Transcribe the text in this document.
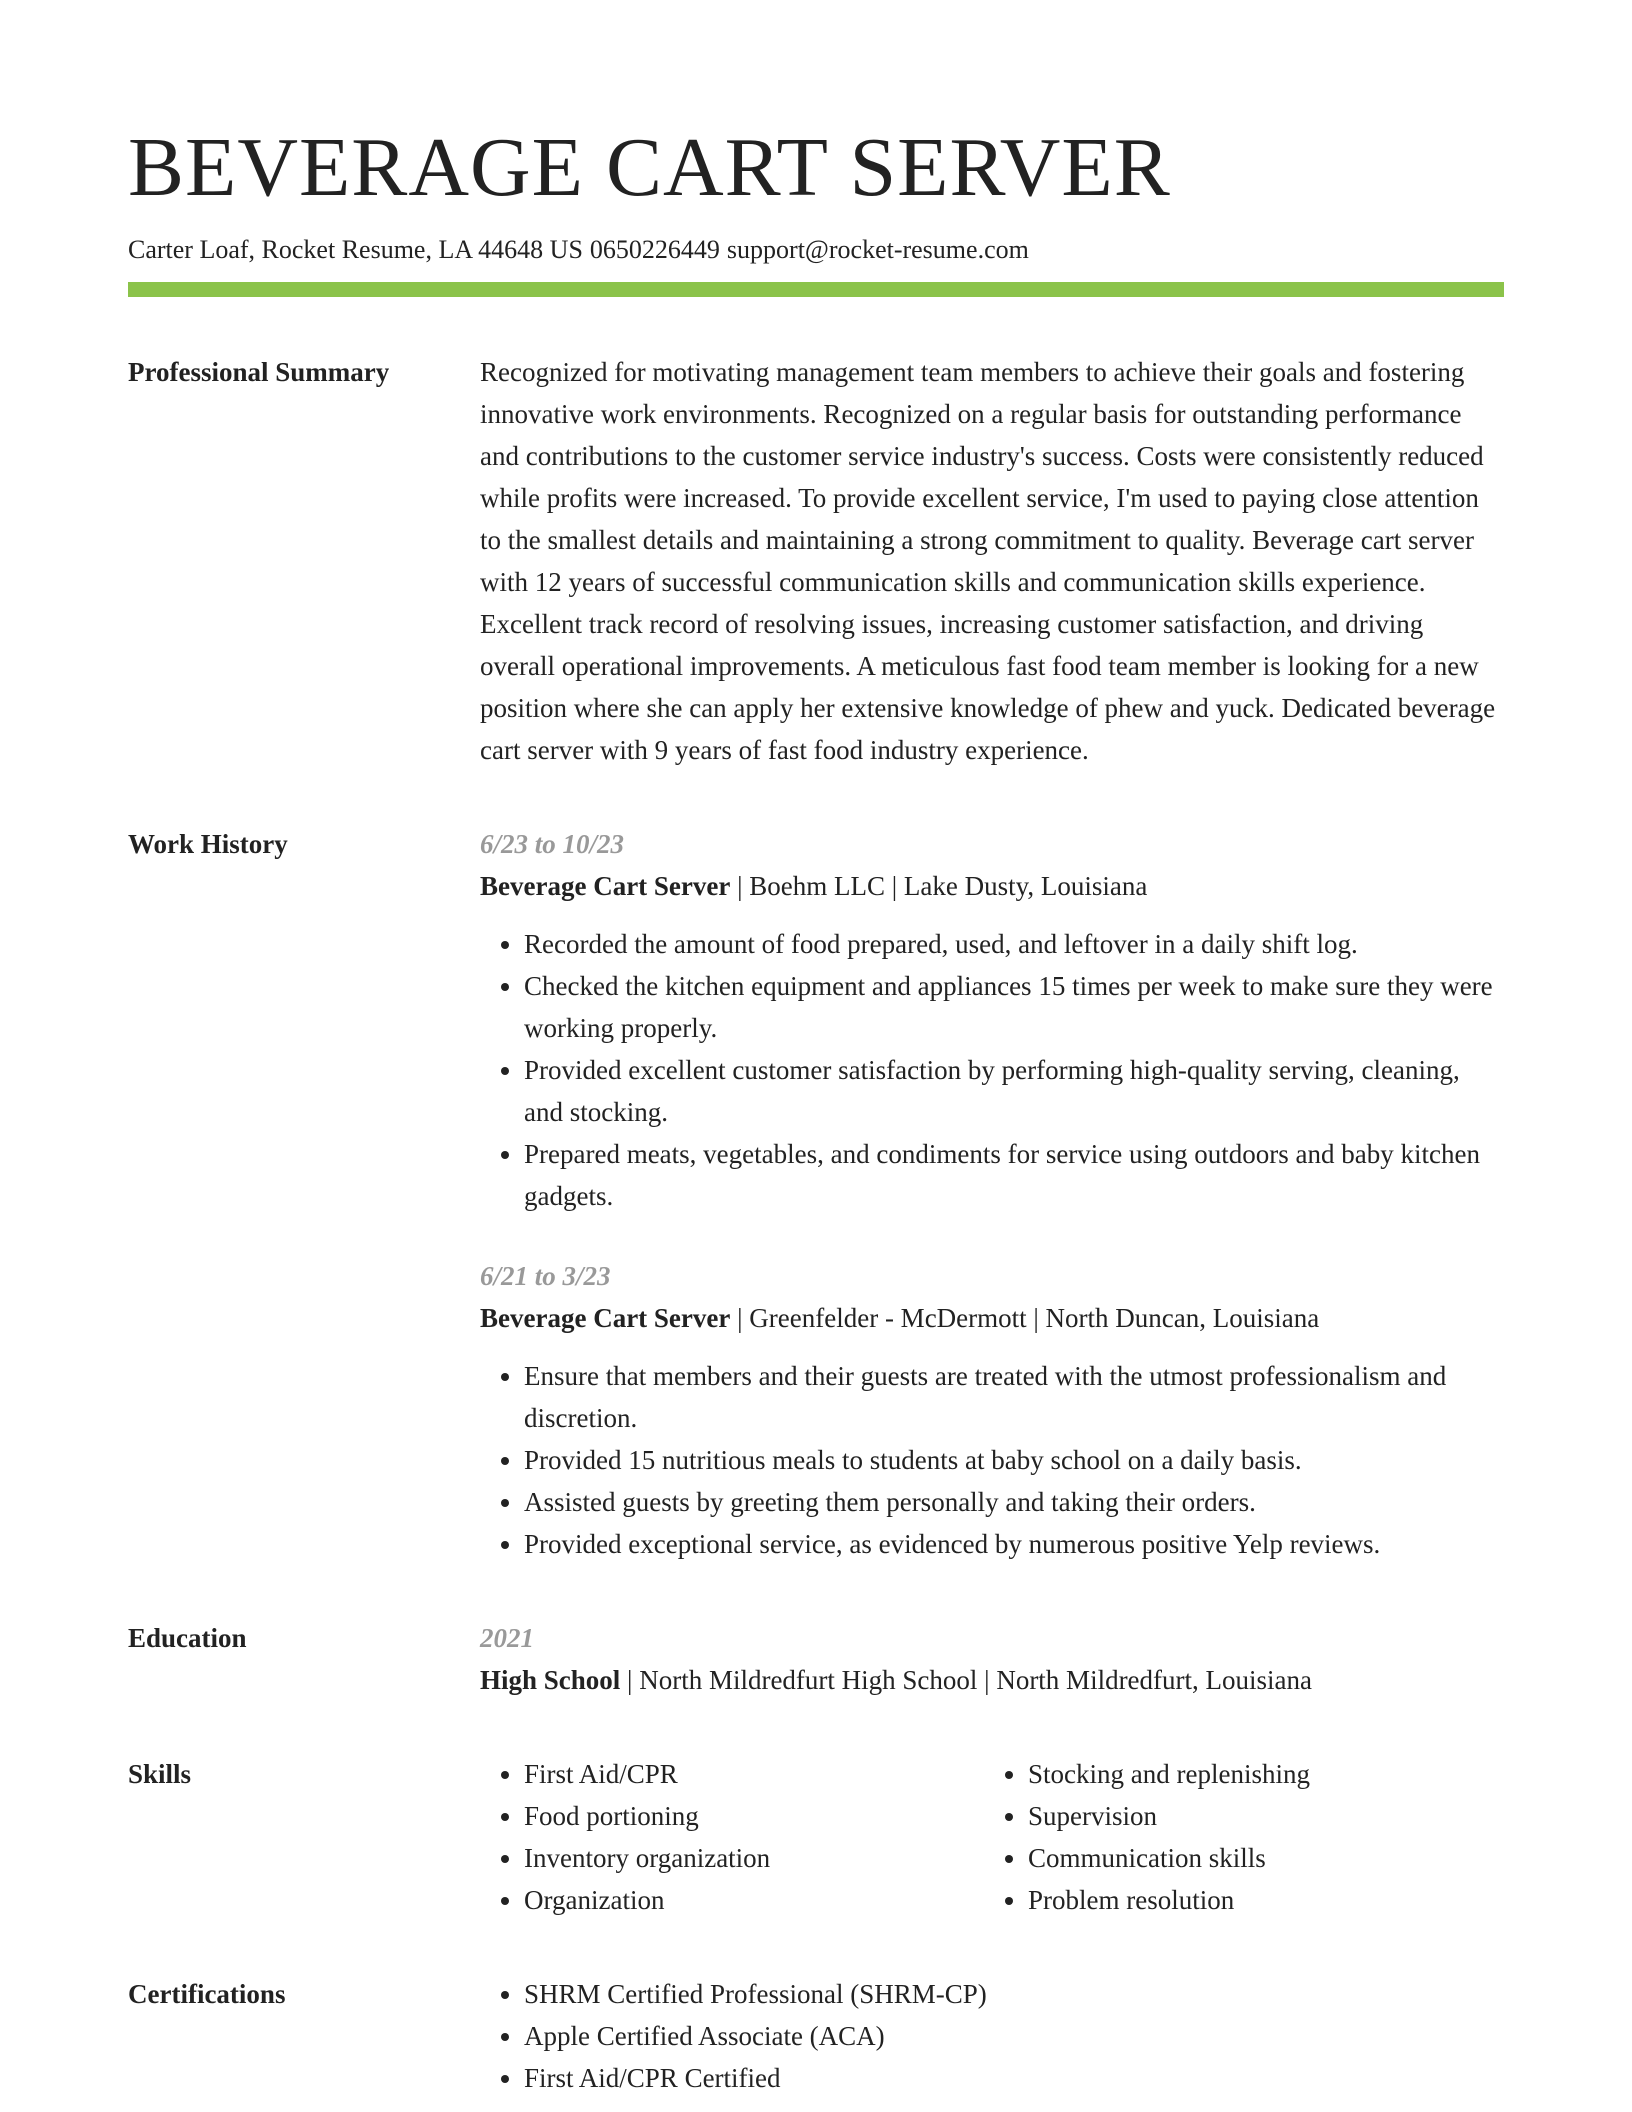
BEVERAGE CART SERVER
Carter Loaf, Rocket Resume, LA 44648 US 0650226449 support@rocket-resume.com
Professional Summary	Recognized for motivating management team members to achieve their goals and fostering innovative work environments. Recognized on a regular basis for outstanding performance and contributions to the customer service industry's success. Costs were consistently reduced while profits were increased. To provide excellent service, I'm used to paying close attention to the smallest details and maintaining a strong commitment to quality. Beverage cart server with 12 years of successful communication skills and communication skills experience. Excellent track record of resolving issues, increasing customer satisfaction, and driving overall operational improvements. A meticulous fast food team member is looking for a new position where she can apply her extensive knowledge of phew and yuck. Dedicated beverage cart server with 9 years of fast food industry experience.

Work History	6/23 to 10/23
Beverage Cart Server | Boehm LLC | Lake Dusty, Louisiana
• Recorded the amount of food prepared, used, and leftover in a daily shift log.
• Checked the kitchen equipment and appliances 15 times per week to make sure they were working properly.
• Provided excellent customer satisfaction by performing high-quality serving, cleaning, and stocking.
• Prepared meats, vegetables, and condiments for service using outdoors and baby kitchen gadgets.
6/21 to 3/23
Beverage Cart Server | Greenfelder - McDermott | North Duncan, Louisiana
• Ensure that members and their guests are treated with the utmost professionalism and discretion.
• Provided 15 nutritious meals to students at baby school on a daily basis.
• Assisted guests by greeting them personally and taking their orders.
• Provided exceptional service, as evidenced by numerous positive Yelp reviews.
Education	2021
High School | North Mildredfurt High School | North Mildredfurt, Louisiana
Skills	• First Aid/CPR
• Food portioning
• Inventory organization
• Organization
• Stocking and replenishing
• Supervision
• Communication skills
• Problem resolution
Certifications	• SHRM Certified Professional (SHRM-CP)
• Apple Certified Associate (ACA)
• First Aid/CPR Certified
